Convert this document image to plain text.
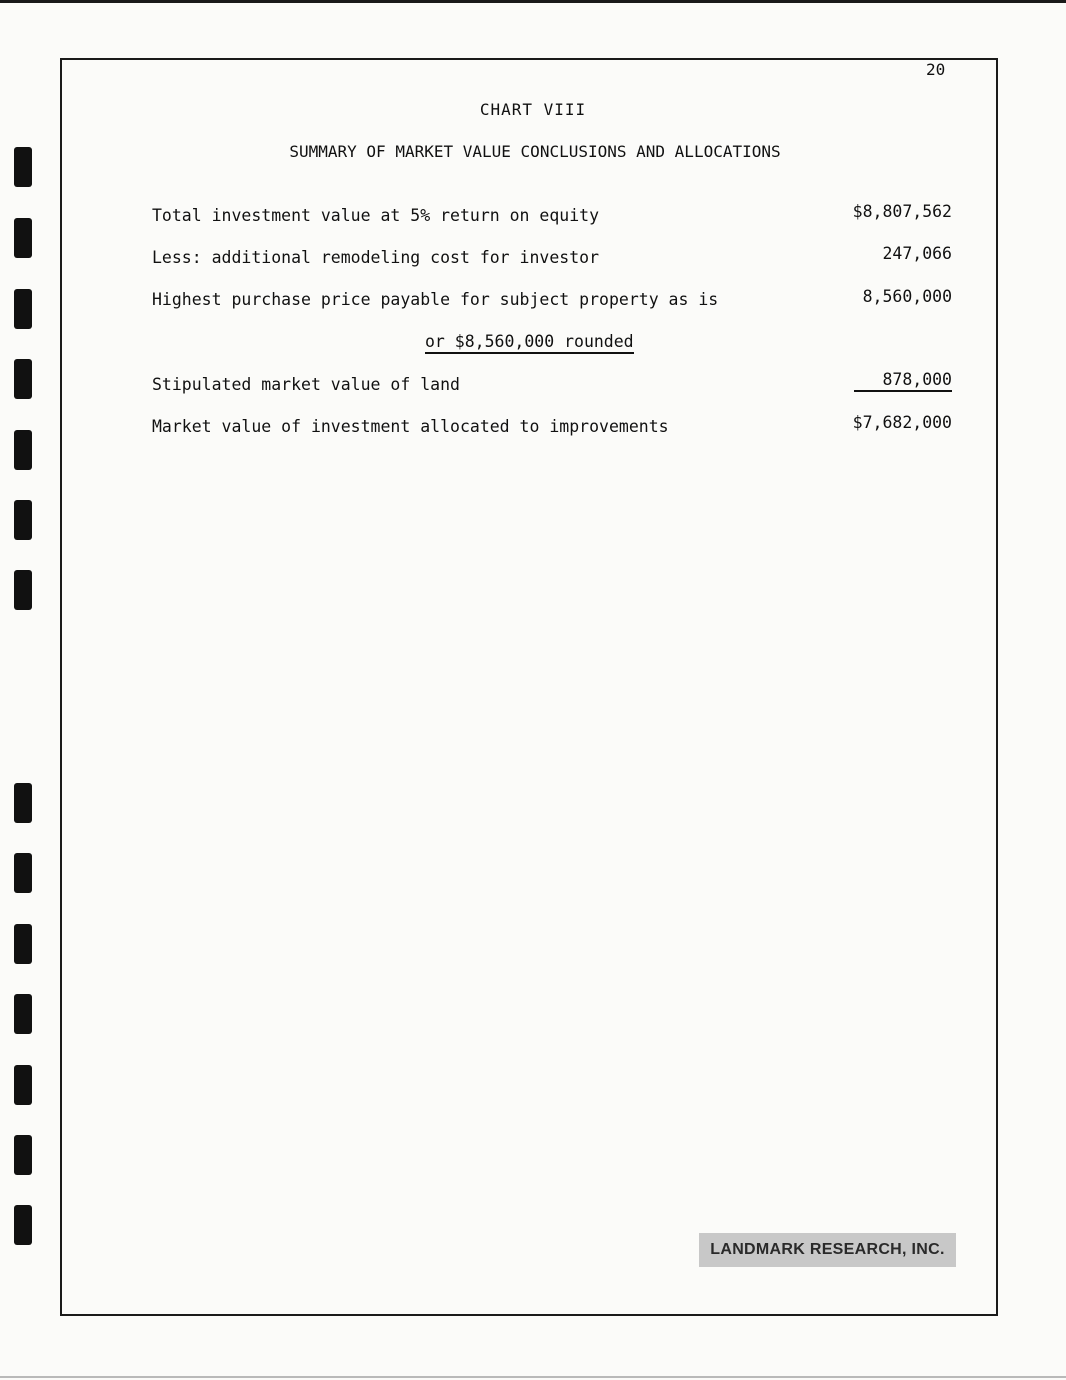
20
CHART VIII
SUMMARY OF MARKET VALUE CONCLUSIONS AND ALLOCATIONS
Total investment value at 5% return on equity	$8,807,562
Less: additional remodeling cost for investor	247,066
Highest purchase price payable for subject property as is	8,560,000
or $8,560,000 rounded
Stipulated market value of land	878,000
Market value of investment allocated to improvements	$7,682,000
LANDMARK RESEARCH, INC.
